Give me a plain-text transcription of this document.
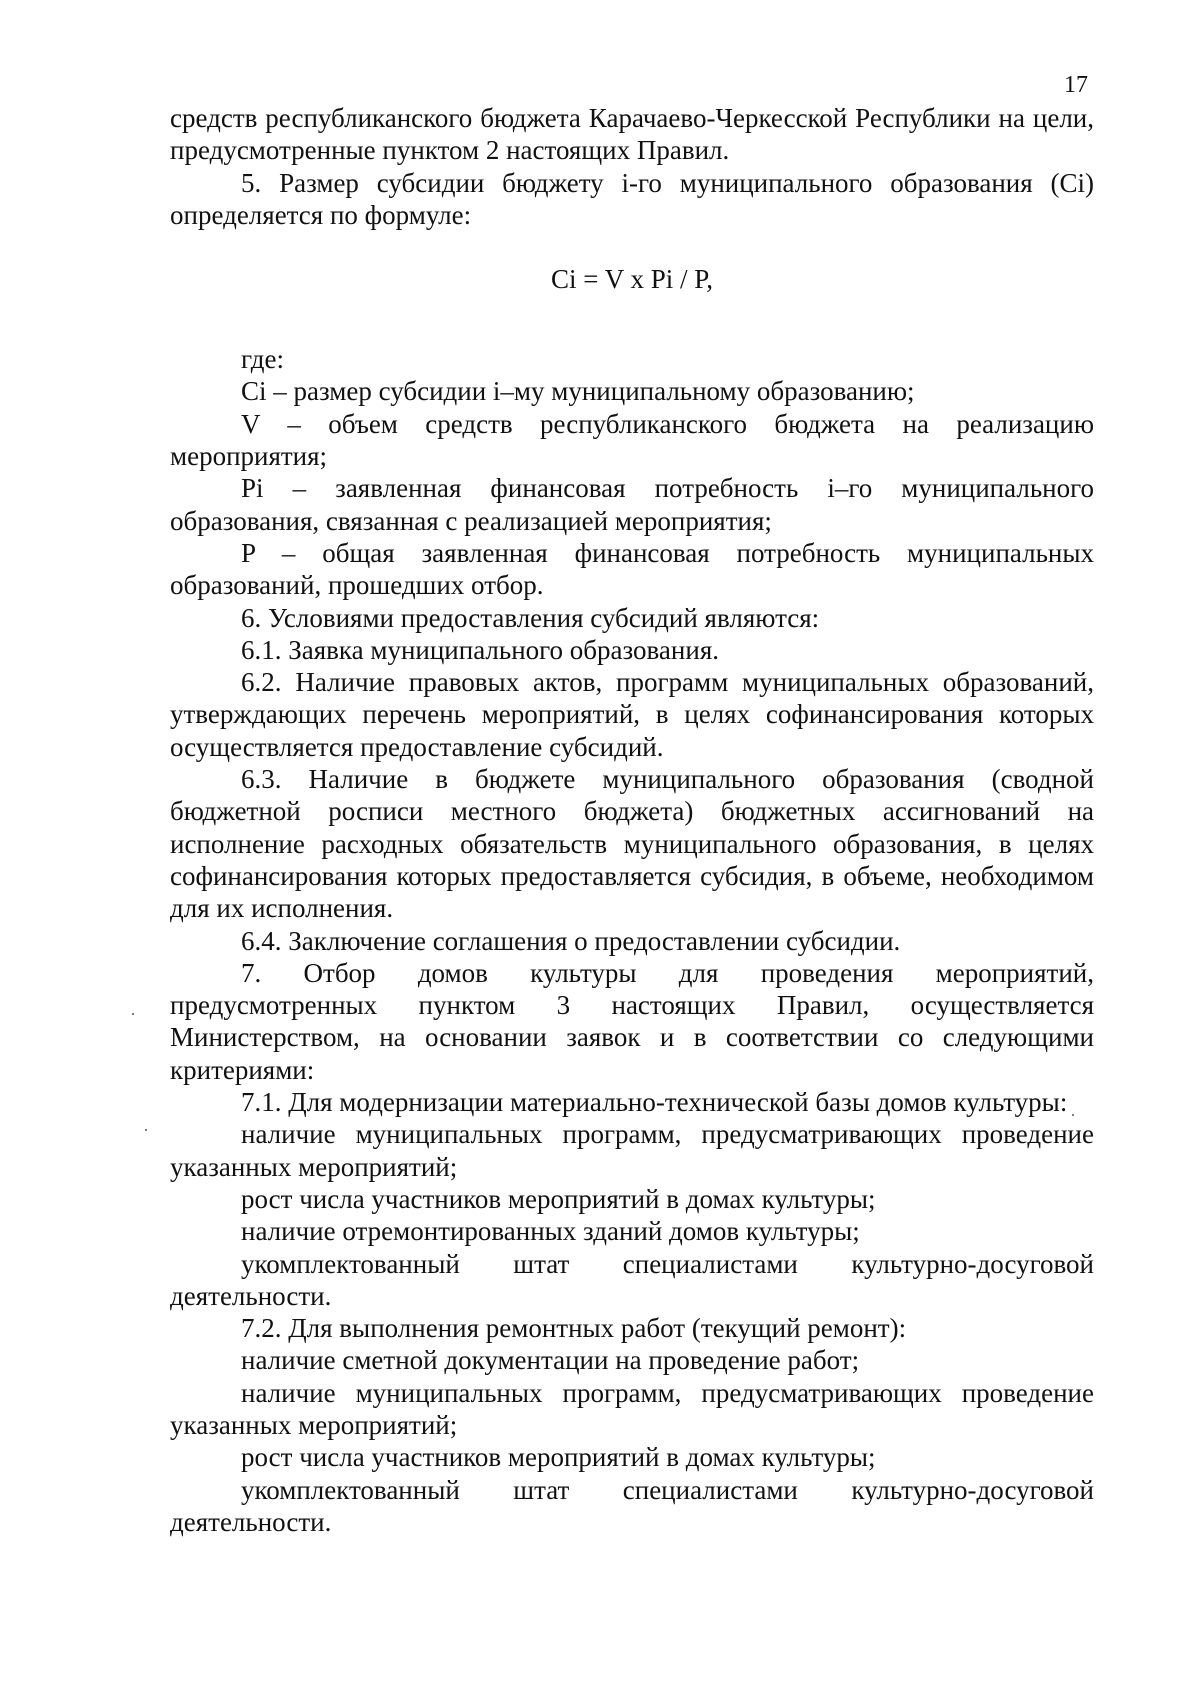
17

средств республиканского бюджета Карачаево-Черкесской Республики на цели, предусмотренные пунктом 2 настоящих Правил.

5. Размер субсидии бюджету i-го муниципального образования (Ci) определяется по формуле:

Ci = V x Pi / P,

где:

Ci – размер субсидии i–му муниципальному образованию;

V – объем средств республиканского бюджета на реализацию мероприятия;

Pi – заявленная финансовая потребность i–го муниципального образования, связанная с реализацией мероприятия;

P – общая заявленная финансовая потребность муниципальных образований, прошедших отбор.

6. Условиями предоставления субсидий являются:

6.1. Заявка муниципального образования.

6.2. Наличие правовых актов, программ муниципальных образований, утверждающих перечень мероприятий, в целях софинансирования которых осуществляется предоставление субсидий.

6.3. Наличие в бюджете муниципального образования (сводной бюджетной росписи местного бюджета) бюджетных ассигнований на исполнение расходных обязательств муниципального образования, в целях софинансирования которых предоставляется субсидия, в объеме, необходимом для их исполнения.

6.4. Заключение соглашения о предоставлении субсидии.

7. Отбор домов культуры для проведения мероприятий, предусмотренных пунктом 3 настоящих Правил, осуществляется Министерством, на основании заявок и в соответствии со следующими критериями:

7.1. Для модернизации материально-технической базы домов культуры:

наличие муниципальных программ, предусматривающих проведение указанных мероприятий;

рост числа участников мероприятий в домах культуры;

наличие отремонтированных зданий домов культуры;

укомплектованный штат специалистами культурно-досуговой деятельности.

7.2. Для выполнения ремонтных работ (текущий ремонт):

наличие сметной документации на проведение работ;

наличие муниципальных программ, предусматривающих проведение указанных мероприятий;

рост числа участников мероприятий в домах культуры;

укомплектованный штат специалистами культурно-досуговой деятельности.
